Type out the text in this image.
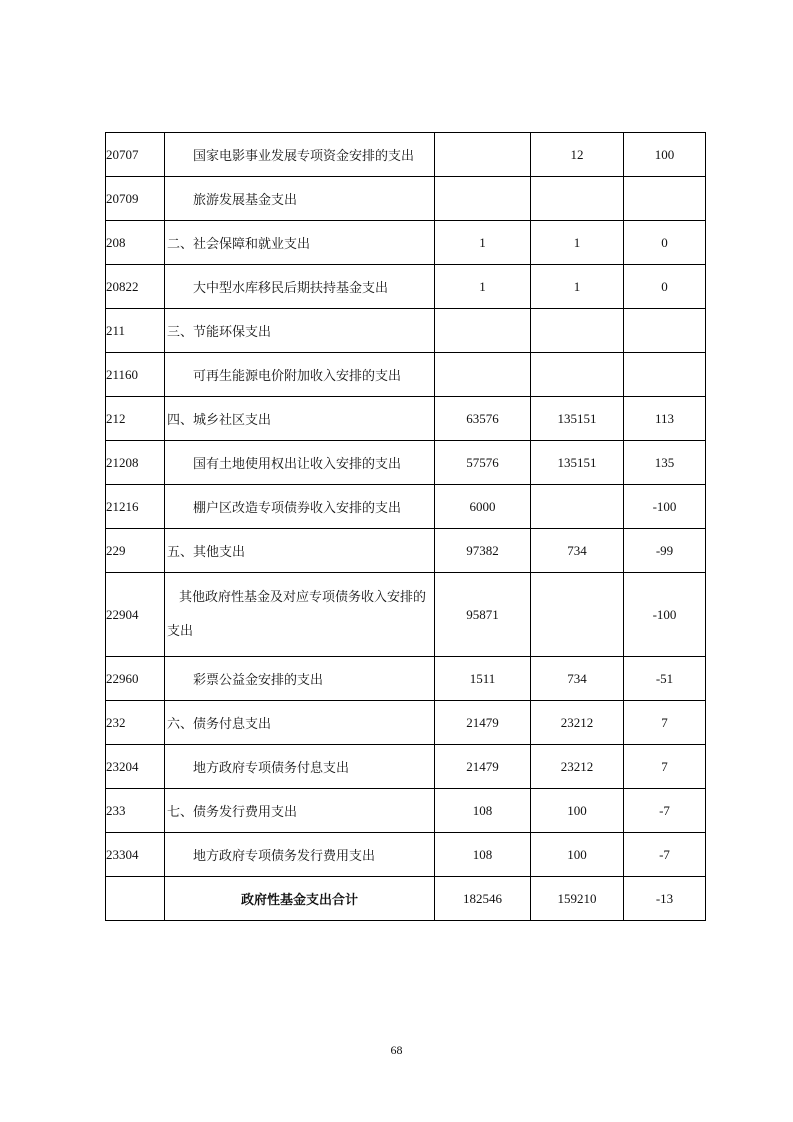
20707	国家电影事业发展专项资金安排的支出		12	100
20709	旅游发展基金支出			
208	二、社会保障和就业支出	1	1	0
20822	大中型水库移民后期扶持基金支出	1	1	0
211	三、节能环保支出			
21160	可再生能源电价附加收入安排的支出			
212	四、城乡社区支出	63576	135151	113
21208	国有土地使用权出让收入安排的支出	57576	135151	135
21216	棚户区改造专项债券收入安排的支出	6000		-100
229	五、其他支出	97382	734	-99
22904	其他政府性基金及对应专项债务收入安排的支出	95871		-100
22960	彩票公益金安排的支出	1511	734	-51
232	六、债务付息支出	21479	23212	7
23204	地方政府专项债务付息支出	21479	23212	7
233	七、债务发行费用支出	108	100	-7
23304	地方政府专项债务发行费用支出	108	100	-7
	政府性基金支出合计	182546	159210	-13
68
